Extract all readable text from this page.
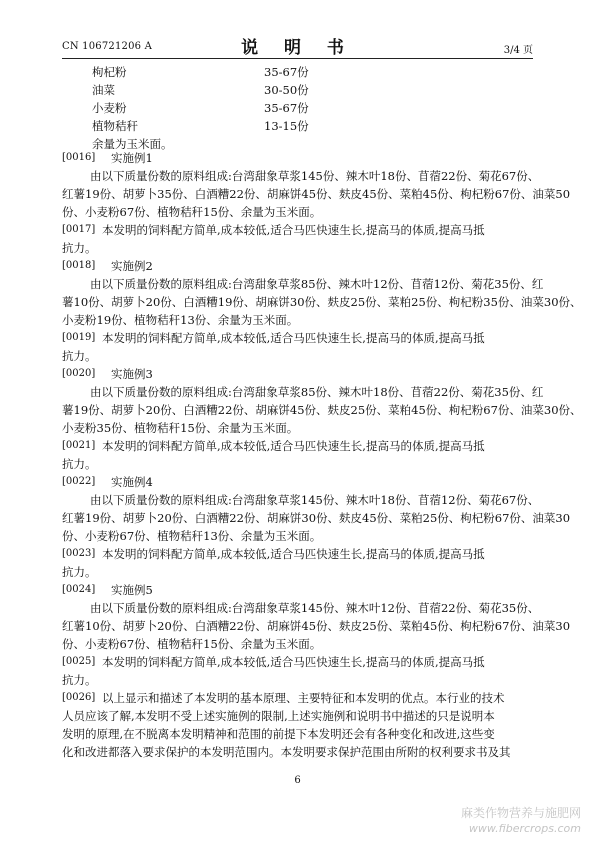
CN 106721206 A	说 明 书	3/4 页
枸杞粉	35-67份
油菜	30-50份
小麦粉	35-67份
植物秸秆	13-15份
余量为玉米面。
[0016]	实施例1
由以下质量份数的原料组成:台湾甜象草浆145份、辣木叶18份、苜蓿22份、菊花67份、
红薯19份、胡萝卜35份、白酒糟22份、胡麻饼45份、麸皮45份、菜粕45份、枸杞粉67份、油菜50
份、小麦粉67份、植物秸秆15份、余量为玉米面。
[0017] 本发明的饲料配方简单,成本较低,适合马匹快速生长,提高马的体质,提高马抵
抗力。
[0018]	实施例2
由以下质量份数的原料组成:台湾甜象草浆85份、辣木叶12份、苜蓿12份、菊花35份、红
薯10份、胡萝卜20份、白酒糟19份、胡麻饼30份、麸皮25份、菜粕25份、枸杞粉35份、油菜30份、
小麦粉19份、植物秸秆13份、余量为玉米面。
[0019] 本发明的饲料配方简单,成本较低,适合马匹快速生长,提高马的体质,提高马抵
抗力。
[0020]	实施例3
由以下质量份数的原料组成:台湾甜象草浆85份、辣木叶18份、苜蓿22份、菊花35份、红
薯19份、胡萝卜20份、白酒糟22份、胡麻饼45份、麸皮25份、菜粕45份、枸杞粉67份、油菜30份、
小麦粉35份、植物秸秆15份、余量为玉米面。
[0021] 本发明的饲料配方简单,成本较低,适合马匹快速生长,提高马的体质,提高马抵
抗力。
[0022]	实施例4
由以下质量份数的原料组成:台湾甜象草浆145份、辣木叶18份、苜蓿12份、菊花67份、
红薯19份、胡萝卜20份、白酒糟22份、胡麻饼30份、麸皮45份、菜粕25份、枸杞粉67份、油菜30
份、小麦粉67份、植物秸秆13份、余量为玉米面。
[0023] 本发明的饲料配方简单,成本较低,适合马匹快速生长,提高马的体质,提高马抵
抗力。
[0024]	实施例5
由以下质量份数的原料组成:台湾甜象草浆145份、辣木叶12份、苜蓿22份、菊花35份、
红薯10份、胡萝卜20份、白酒糟22份、胡麻饼45份、麸皮25份、菜粕45份、枸杞粉67份、油菜30
份、小麦粉67份、植物秸秆15份、余量为玉米面。
[0025] 本发明的饲料配方简单,成本较低,适合马匹快速生长,提高马的体质,提高马抵
抗力。
[0026] 以上显示和描述了本发明的基本原理、主要特征和本发明的优点。本行业的技术
人员应该了解,本发明不受上述实施例的限制,上述实施例和说明书中描述的只是说明本
发明的原理,在不脱离本发明精神和范围的前提下本发明还会有各种变化和改进,这些变
化和改进都落入要求保护的本发明范围内。本发明要求保护范围由所附的权利要求书及其
6
麻类作物营养与施肥网
www.fibercrops.com
